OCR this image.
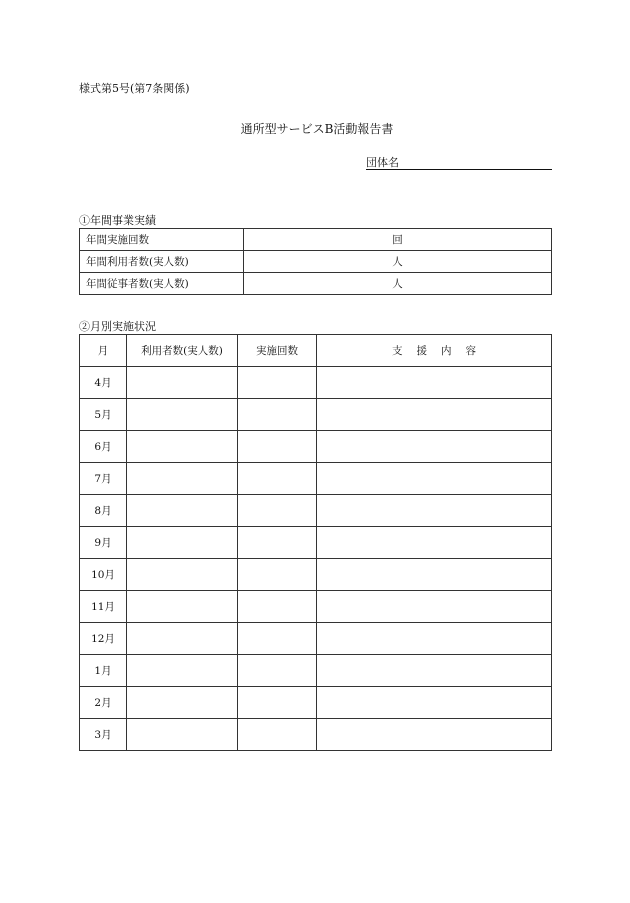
様式第5号(第7条関係)
通所型サービスB活動報告書
団体名
①年間事業実績
年間実施回数	回
年間利用者数(実人数)	人
年間従事者数(実人数)	人
②月別実施状況
月	利用者数(実人数)	実施回数	支援内容
4月			
5月			
6月			
7月			
8月			
9月			
10月			
11月			
12月			
1月			
2月			
3月			
